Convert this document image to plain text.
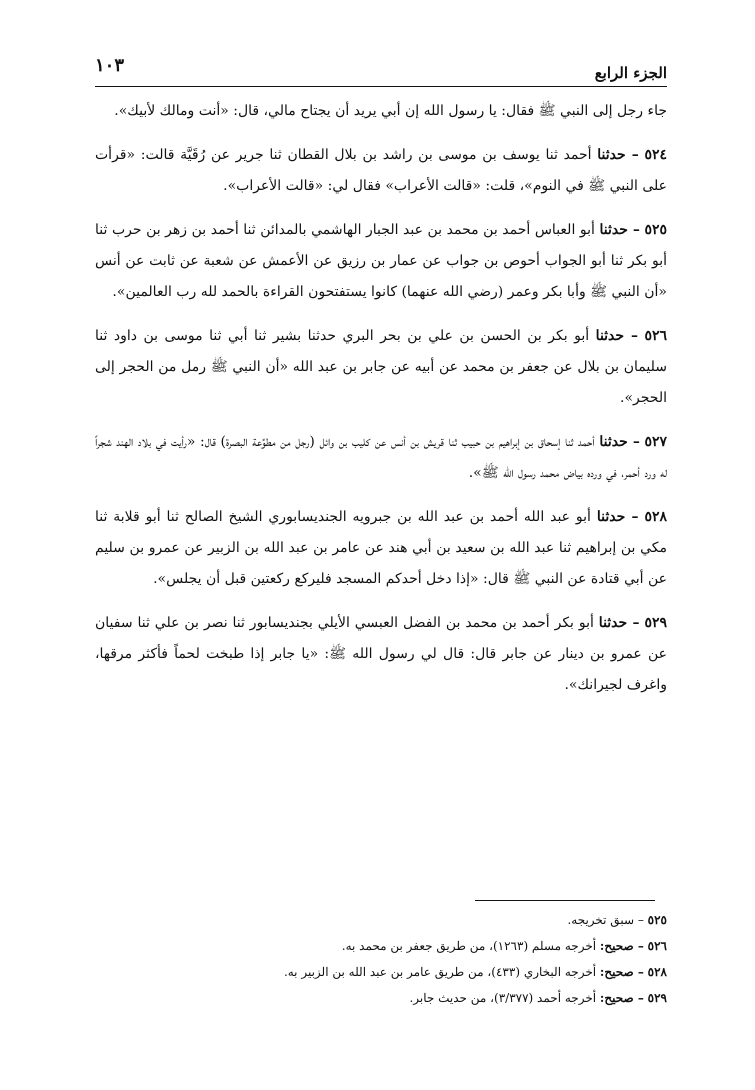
الجزء الرابع
١٠٣

جاء رجل إلى النبي ﷺ فقال: يا رسول الله إن أبي يريد أن يجتاح مالي، قال: «أنت ومالك لأبيك».

٥٢٤ – حدثنا أحمد ثنا يوسف بن موسى بن راشد بن بلال القطان ثنا جرير عن رُقَيَّة قالت: «قرأت على النبي ﷺ في النوم»، قلت: «قالت الأعراب» فقال لي: «قالت الأعراب».

٥٢٥ – حدثنا أبو العباس أحمد بن محمد بن عبد الجبار الهاشمي بالمدائن ثنا أحمد بن زهر بن حرب ثنا أبو بكر ثنا أبو الجواب أحوص بن جواب عن عمار بن رزيق عن الأعمش عن شعبة عن ثابت عن أنس «أن النبي ﷺ وأبا بكر وعمر (رضي الله عنهما) كانوا يستفتحون القراءة بالحمد لله رب العالمين».

٥٢٦ – حدثنا أبو بكر بن الحسن بن علي بن بحر البري حدثنا بشير ثنا أبي ثنا موسى بن داود ثنا سليمان بن بلال عن جعفر بن محمد عن أبيه عن جابر بن عبد الله «أن النبي ﷺ رمل من الحجر إلى الحجر».

٥٢٧ – حدثنا أحمد ثنا إسحاق بن إبراهيم بن حبيب ثنا قريش بن أنس عن كليب بن وائل (رجل من مطوِّعة البصرة) قال: «رأيت في بلاد الهند شجراً له ورد أحمر، في ورده بياض محمد رسول الله ﷺ».

٥٢٨ – حدثنا أبو عبد الله أحمد بن عبد الله بن جبرويه الجنديسابوري الشيخ الصالح ثنا أبو قلابة ثنا مكي بن إبراهيم ثنا عبد الله بن سعيد بن أبي هند عن عامر بن عبد الله بن الزبير عن عمرو بن سليم عن أبي قتادة عن النبي ﷺ قال: «إذا دخل أحدكم المسجد فليركع ركعتين قبل أن يجلس».

٥٢٩ – حدثنا أبو بكر أحمد بن محمد بن الفضل العبسي الأيلي بجنديسابور ثنا نصر بن علي ثنا سفيان عن عمرو بن دينار عن جابر قال: قال لي رسول الله ﷺ: «يا جابر إذا طبخت لحماً فأكثر مرقها، واغرف لجيرانك».

٥٢٥ – سبق تخريجه.
٥٢٦ – صحيح: أخرجه مسلم (١٢٦٣)، من طريق جعفر بن محمد به.
٥٢٨ – صحيح: أخرجه البخاري (٤٣٣)، من طريق عامر بن عبد الله بن الزبير به.
٥٢٩ – صحيح: أخرجه أحمد (٣/٣٧٧)، من حديث جابر.
